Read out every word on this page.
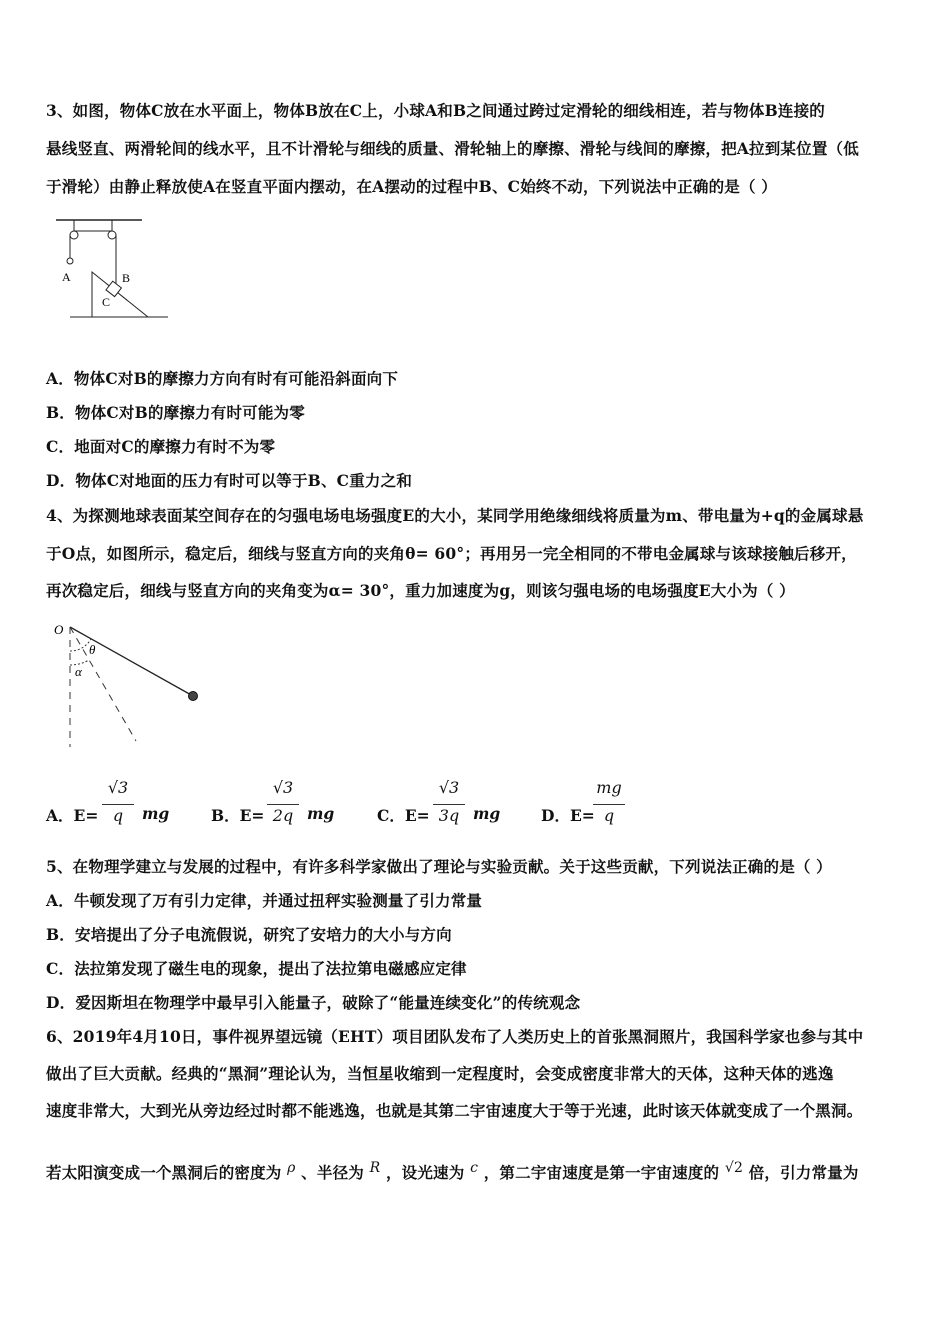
3、如图，物体C放在水平面上，物体B放在C上，小球A和B之间通过跨过定滑轮的细线相连，若与物体B连接的
悬线竖直、两滑轮间的线水平，且不计滑轮与细线的质量、滑轮轴上的摩擦、滑轮与线间的摩擦，把A拉到某位置（低
于滑轮）由静止释放使A在竖直平面内摆动，在A摆动的过程中B、C始终不动，下列说法中正确的是（ ）
A	B
C
A．物体C对B的摩擦力方向有时有可能沿斜面向下
B．物体C对B的摩擦力有时可能为零
C．地面对C的摩擦力有时不为零
D．物体C对地面的压力有时可以等于B、C重力之和
4、为探测地球表面某空间存在的匀强电场电场强度E的大小，某同学用绝缘细线将质量为m、带电量为+q的金属球悬
于O点，如图所示，稳定后，细线与竖直方向的夹角θ= 60°；再用另一完全相同的不带电金属球与该球接触后移开，
再次稳定后，细线与竖直方向的夹角变为α= 30°，重力加速度为g，则该匀强电场的电场强度E大小为（ ）
O
θ
α
A．E=
√3
q	mg	B．E=
√3
2q mg	C．E=
√3
3q mg	D．E=
mg
q
5、在物理学建立与发展的过程中，有许多科学家做出了理论与实验贡献。关于这些贡献，下列说法正确的是（ ）
A．牛顿发现了万有引力定律，并通过扭秤实验测量了引力常量
B．安培提出了分子电流假说，研究了安培力的大小与方向
C．法拉第发现了磁生电的现象，提出了法拉第电磁感应定律
D．爱因斯坦在物理学中最早引入能量子，破除了“能量连续变化”的传统观念
6、2019年4月10日，事件视界望远镜（EHT）项目团队发布了人类历史上的首张黑洞照片，我国科学家也参与其中
做出了巨大贡献。经典的“黑洞”理论认为，当恒星收缩到一定程度时，会变成密度非常大的天体，这种天体的逃逸
速度非常大，大到光从旁边经过时都不能逃逸，也就是其第二宇宙速度大于等于光速，此时该天体就变成了一个黑洞。
若太阳演变成一个黑洞后的密度为 ρ 、半径为 R ，设光速为 c ，第二宇宙速度是第一宇宙速度的 √2 倍，引力常量为
